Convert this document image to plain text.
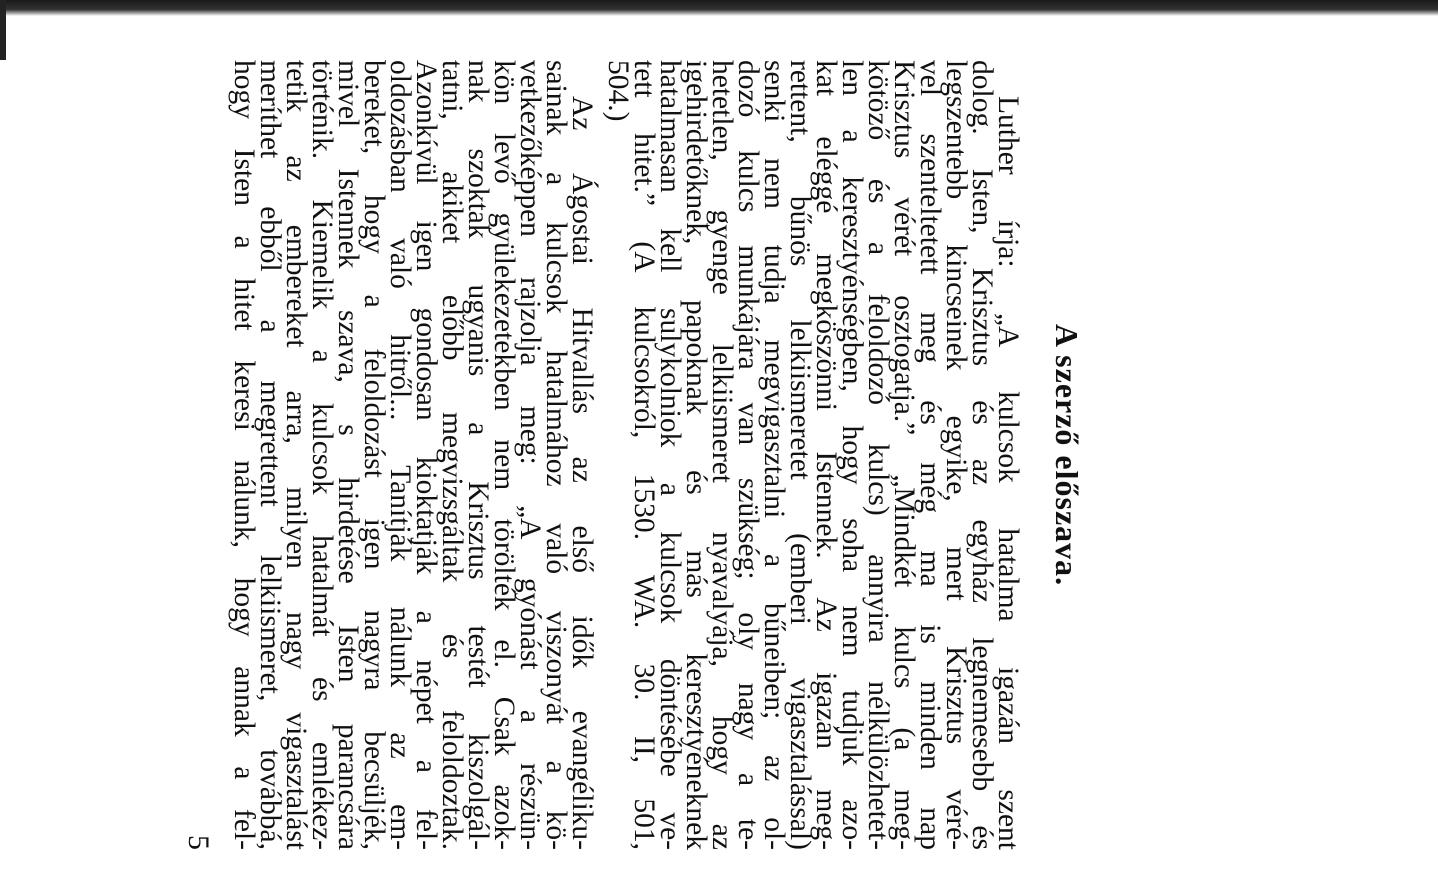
A szerző előszava.
Luther írja: „A kulcsok hatalma igazán szent
dolog. Isten, Krisztus és az egyház legnemesebb és
legszentebb kincseinek egyike, mert Krisztus véré-
vel szenteltetett meg és még ma is minden nap
Krisztus vérét osztogatja.” „Mindkét kulcs (a meg-
kötöző és a feloldozó kulcs) annyira nélkülözhetet-
len a keresztyénségben, hogy soha nem tudjuk azo-
kat eléggé megköszönni Istennek. Az igazán meg-
rettent, bűnös lelkiismeretet (emberi vigasztalással)
senki nem tudja megvigasztalni a bűneiben; az ol-
dozó kulcs munkájára van szükség; oly nagy a te-
hetetlen, gyenge lelkiismeret nyavalyája, hogy az
igehirdetőknek, papoknak és más keresztyéneknek
hatalmasan kell sulykolniok a kulcsok döntésébe ve-
tett hitet.” (A kulcsokról, 1530. WA. 30. II, 501,
504.)
Az Ágostai Hitvallás az első idők evangéliku-
sainak a kulcsok hatalmához való viszonyát a kö-
vetkezőképpen rajzolja meg: „A gyónást a részün-
kön levő gyülekezetekben nem törölték el. Csak azok-
nak szoktak ugyanis a Krisztus testét kiszolgál-
tatni, akiket előbb megvizsgáltak és feloldoztak.
Azonkívül igen gondosan kioktatják a népet a fel-
oldozásban való hitről... Tanítják nálunk az em-
bereket, hogy a feloldozást igen nagyra becsüljék,
mivel Istennek szava, s hirdetése Isten parancsára
történik. Kiemelik a kulcsok hatalmát és emlékez-
tetik az embereket arra, milyen nagy vigasztalást
meríthet ebből a megrettent lelkiismeret, továbbá,
hogy Isten a hitet keresi nálunk, hogy annak a fel-
5
